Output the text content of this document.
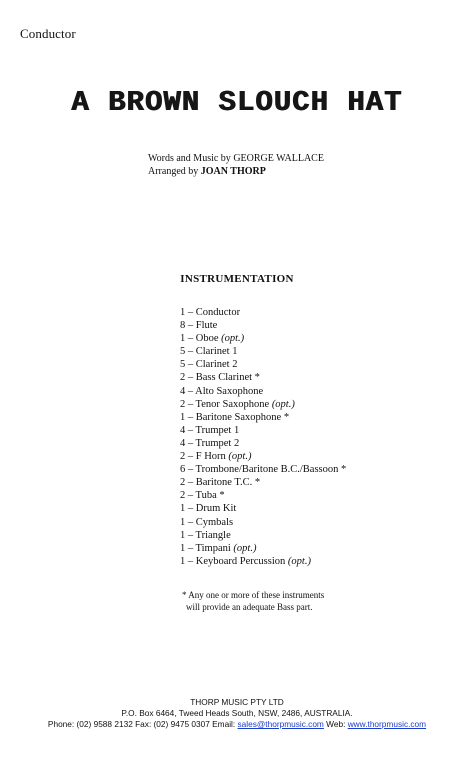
Conductor
A BROWN SLOUCH HAT
Words and Music by GEORGE WALLACE
Arranged by JOAN THORP
INSTRUMENTATION
1 – Conductor
8 – Flute
1 – Oboe (opt.)
5 – Clarinet 1
5 – Clarinet 2
2 – Bass Clarinet *
4 – Alto Saxophone
2 – Tenor Saxophone (opt.)
1 – Baritone Saxophone *
4 – Trumpet 1
4 – Trumpet 2
2 – F Horn (opt.)
6 – Trombone/Baritone B.C./Bassoon *
2 – Baritone T.C. *
2 – Tuba *
1 – Drum Kit
1 – Cymbals
1 – Triangle
1 – Timpani (opt.)
1 – Keyboard Percussion (opt.)
* Any one or more of these instruments
will provide an adequate Bass part.
THORP MUSIC PTY LTD
P.O. Box 6464, Tweed Heads South, NSW, 2486, AUSTRALIA.
Phone: (02) 9588 2132 Fax: (02) 9475 0307 Email: sales@thorpmusic.com Web: www.thorpmusic.com
